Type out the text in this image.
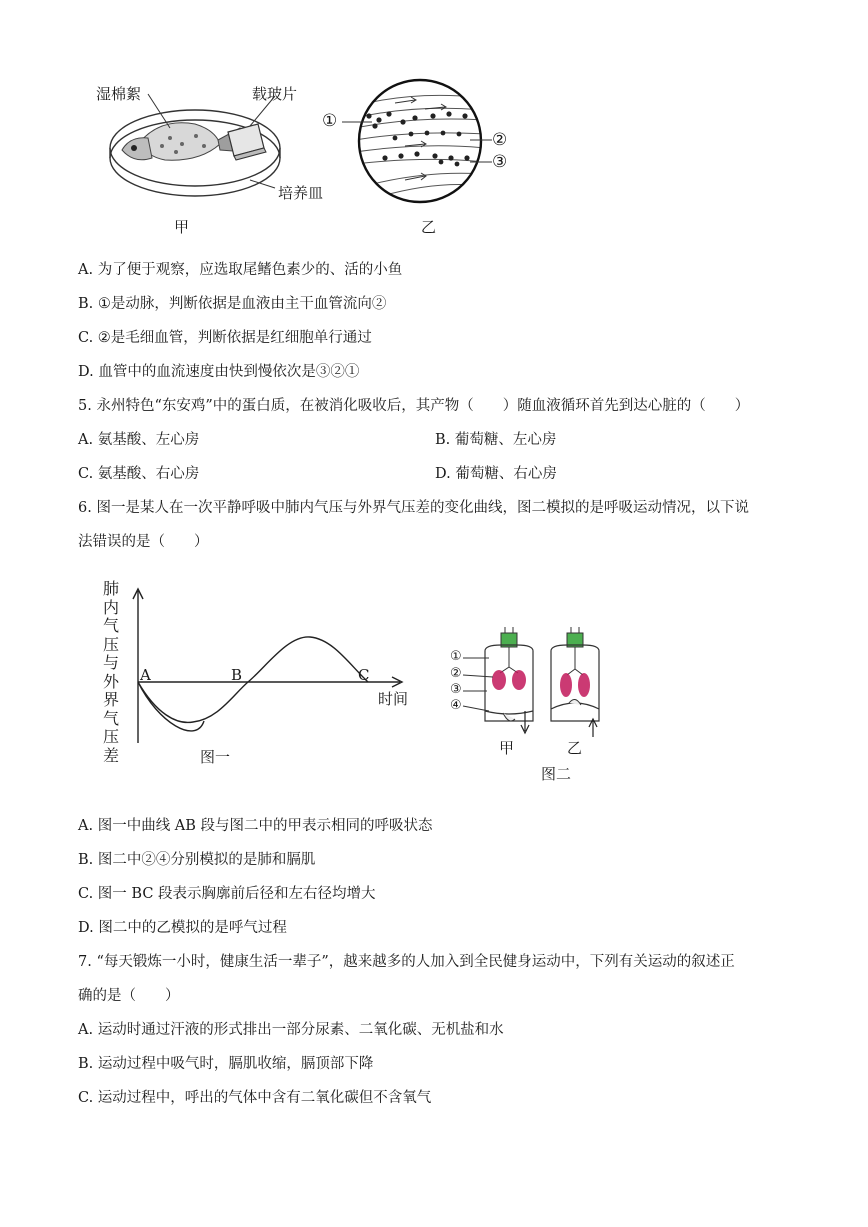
湿棉絮	载玻片
培养皿
甲
①
②
③
乙
A. 为了便于观察，应选取尾鳍色素少的、活的小鱼
B. ①是动脉，判断依据是血液由主干血管流向②
C. ②是毛细血管，判断依据是红细胞单行通过
D. 血管中的血流速度由快到慢依次是③②①
5. 永州特色“东安鸡”中的蛋白质，在被消化吸收后，其产物（　　）随血液循环首先到达心脏的（　　）
A. 氨基酸、左心房	B. 葡萄糖、左心房
C. 氨基酸、右心房	D. 葡萄糖、右心房
6. 图一是某人在一次平静呼吸中肺内气压与外界气压差的变化曲线，图二模拟的是呼吸运动情况，以下说
法错误的是（　　）
A	B	C
时间
肺内气压与外界气压差	图一
①
②
③
④
甲	乙
图二
A. 图一中曲线 AB 段与图二中的甲表示相同的呼吸状态
B. 图二中②④分别模拟的是肺和膈肌
C. 图一 BC 段表示胸廓前后径和左右径均增大
D. 图二中的乙模拟的是呼气过程
7. “每天锻炼一小时，健康生活一辈子”，越来越多的人加入到全民健身运动中，下列有关运动的叙述正
确的是（　　）
A. 运动时通过汗液的形式排出一部分尿素、二氧化碳、无机盐和水
B. 运动过程中吸气时，膈肌收缩，膈顶部下降
C. 运动过程中，呼出的气体中含有二氧化碳但不含氧气
